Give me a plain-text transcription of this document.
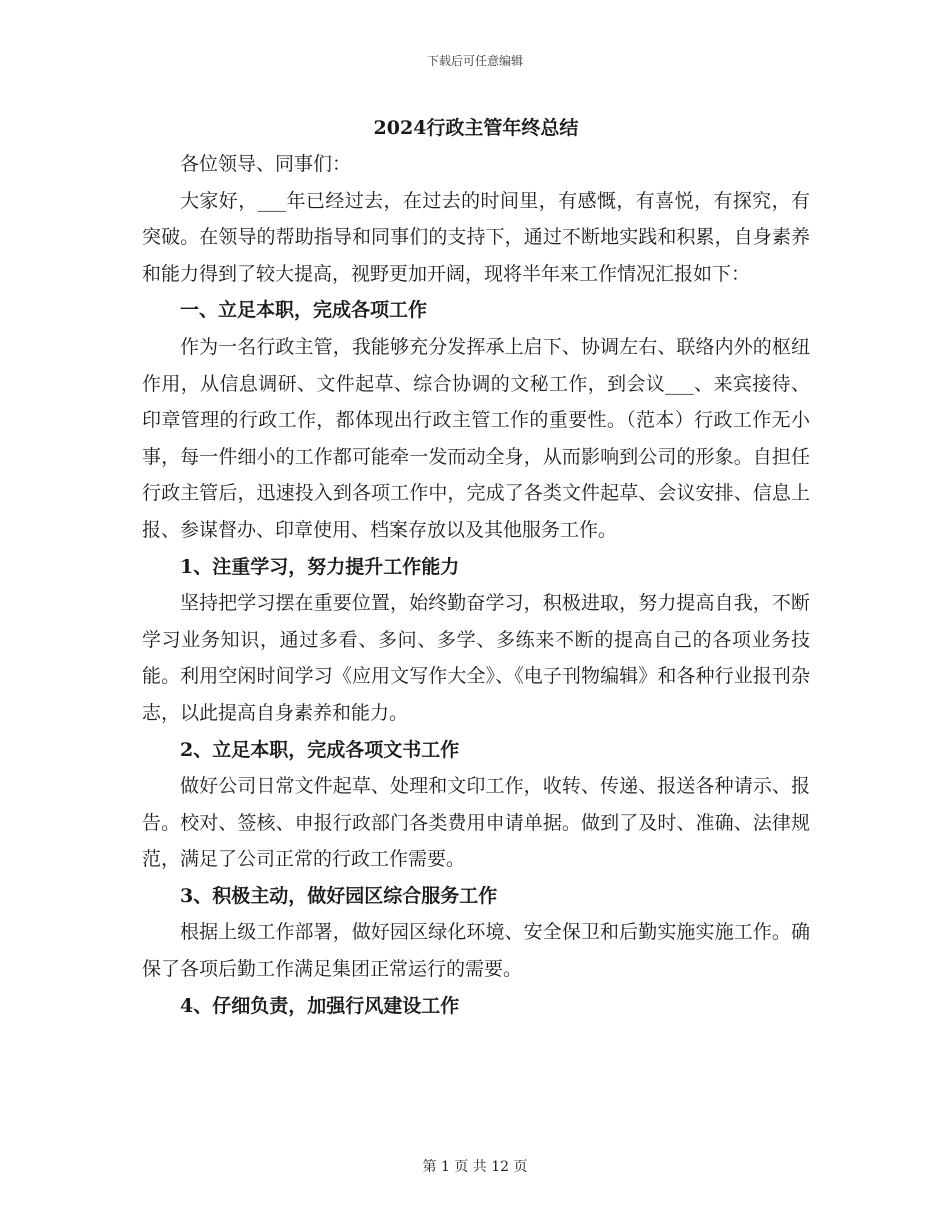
下载后可任意编辑
2024行政主管年终总结

各位领导、同事们：

大家好，___年已经过去，在过去的时间里，有感慨，有喜悦，有探究，有突破。在领导的帮助指导和同事们的支持下，通过不断地实践和积累，自身素养和能力得到了较大提高，视野更加开阔，现将半年来工作情况汇报如下：

一、立足本职，完成各项工作

作为一名行政主管，我能够充分发挥承上启下、协调左右、联络内外的枢纽作用，从信息调研、文件起草、综合协调的文秘工作，到会议___、来宾接待、印章管理的行政工作，都体现出行政主管工作的重要性。（范本）行政工作无小事，每一件细小的工作都可能牵一发而动全身，从而影响到公司的形象。自担任行政主管后，迅速投入到各项工作中，完成了各类文件起草、会议安排、信息上报、参谋督办、印章使用、档案存放以及其他服务工作。

1、注重学习，努力提升工作能力

坚持把学习摆在重要位置，始终勤奋学习，积极进取，努力提高自我，不断学习业务知识，通过多看、多问、多学、多练来不断的提高自己的各项业务技能。利用空闲时间学习《应用文写作大全》、《电子刊物编辑》和各种行业报刊杂志，以此提高自身素养和能力。

2、立足本职，完成各项文书工作

做好公司日常文件起草、处理和文印工作，收转、传递、报送各种请示、报告。校对、签核、申报行政部门各类费用申请单据。做到了及时、准确、法律规范，满足了公司正常的行政工作需要。

3、积极主动，做好园区综合服务工作

根据上级工作部署，做好园区绿化环境、安全保卫和后勤实施实施工作。确保了各项后勤工作满足集团正常运行的需要。

4、仔细负责，加强行风建设工作

第 1 页 共 12 页
